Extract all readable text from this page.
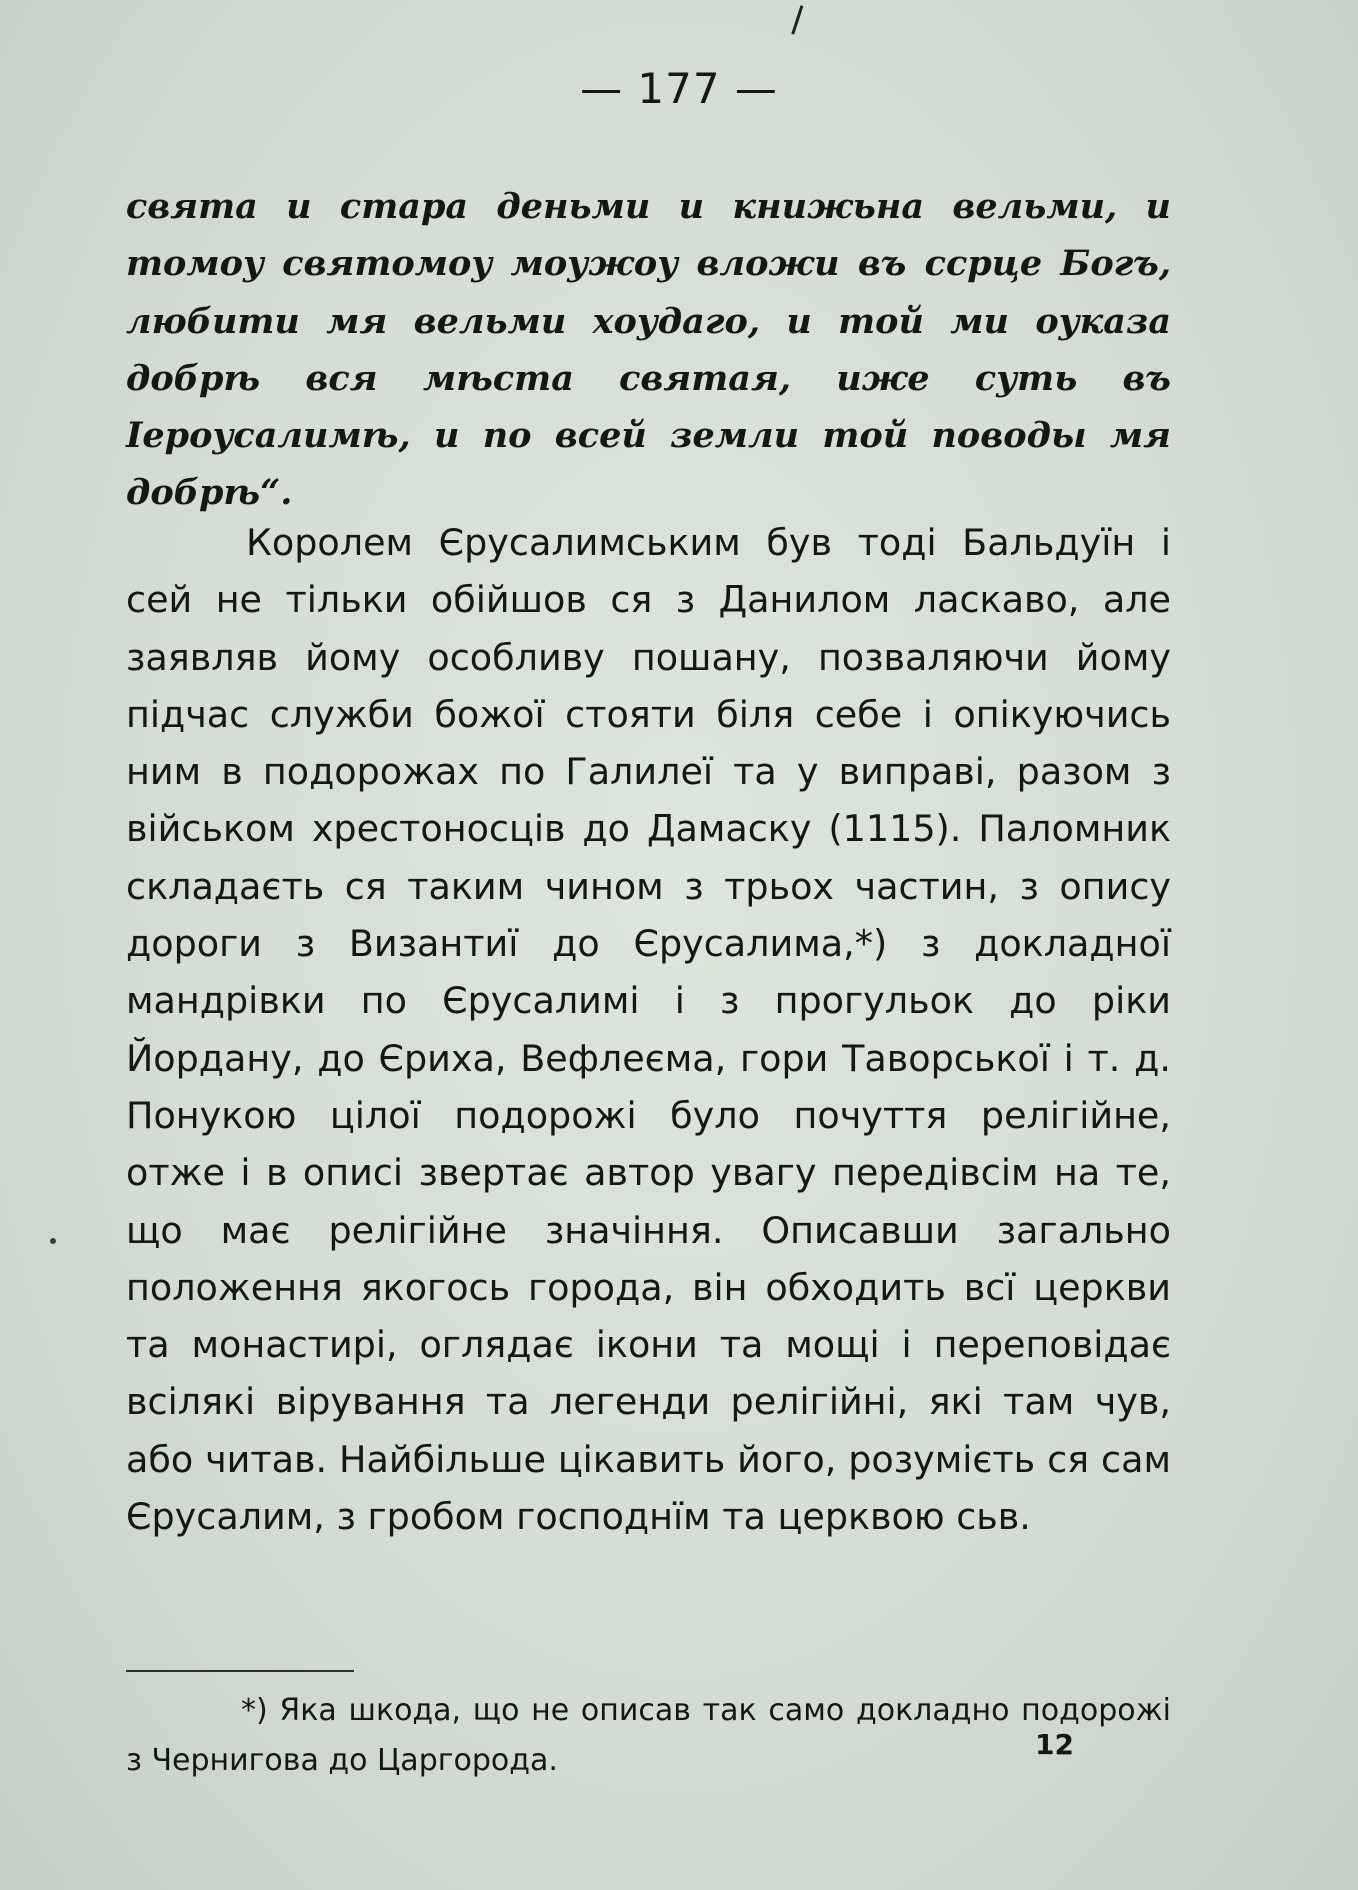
— 177 —
свята и стара деньми и книжьна вельми, и томоу святомоу моужоу вложи въ ссрце Богъ, любити мя вельми хоудаго, и той ми оуказа добрѣ вся мѣста святая, иже суть въ Іероусалимѣ, и по всей земли той поводы мя добрѣ“.

Королем Єрусалимським був тоді Бальдуїн і сей не тільки обійшов ся з Данилом ласкаво, але заявляв йому особливу пошану, позваляючи йому підчас служби божої стояти біля себе і опікуючись ним в подорожах по Галилеї та у виправі, разом з військом хрестоносців до Дамаску (1115). Паломник складаєть ся таким чином з трьох частин, з опису дороги з Византиї до Єрусалима,*) з докладної мандрівки по Єрусалимі і з прогульок до ріки Йордану, до Єриха, Вефлеєма, гори Таворської і т. д. Понукою цілої подорожі було почуття релігійне, отже і в описі звертає автор увагу передівсім на те, що має релігійне значіння. Описавши загально положення якогось города, він обходить всї церкви та монастирі, оглядає ікони та мощі і переповідає всілякі вірування та легенди релігійні, які там чув, або читав. Найбільше цікавить його, розумієть ся сам Єрусалим, з гробом господнїм та церквою сьв.

*) Яка шкода, що не описав так само докладно подорожі з Чернигова до Царгорода.	12
